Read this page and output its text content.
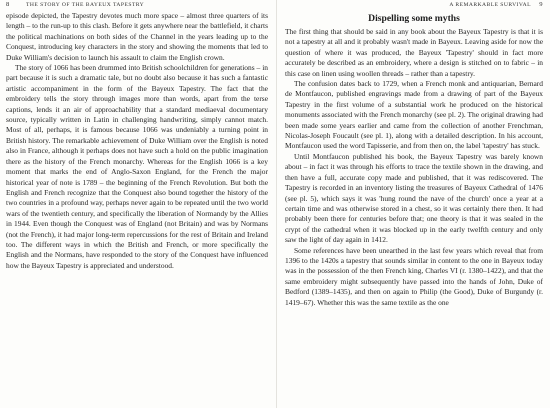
8	THE STORY OF THE BAYEUX TAPESTRY

episode depicted, the Tapestry devotes much more space – almost three quarters of its length – to the run-up to this clash. Before it gets anywhere near the battlefield, it charts the political machinations on both sides of the Channel in the years leading up to the Conquest, introducing key characters in the story and showing the moments that led to Duke William's decision to launch his assault to claim the English crown.

The story of 1066 has been drummed into British schoolchildren for generations – in part because it is such a dramatic tale, but no doubt also because it has such a fantastic artistic accompaniment in the form of the Bayeux Tapestry. The fact that the embroidery tells the story through images more than words, apart from the terse captions, lends it an air of approachability that a standard mediaeval documentary source, typically written in Latin in challenging handwriting, simply cannot match. Most of all, perhaps, it is famous because 1066 was undeniably a turning point in British history. The remarkable achievement of Duke William over the English is noted also in France, although it perhaps does not have such a hold on the public imagination there as the history of the French monarchy. Whereas for the English 1066 is a key moment that marks the end of Anglo-Saxon England, for the French the major historical year of note is 1789 – the beginning of the French Revolution. But both the English and French recognize that the Conquest also bound together the history of the two countries in a profound way, perhaps never again to be repeated until the two world wars of the twentieth century, and specifically the liberation of Normandy by the Allies in 1944. Even though the Conquest was of England (not Britain) and was by Normans (not the French), it had major long-term repercussions for the rest of Britain and Ireland too. The different ways in which the British and French, or more specifically the English and the Normans, have responded to the story of the Conquest have influenced how the Bayeux Tapestry is appreciated and understood.

A REMARKABLE SURVIVAL 9
Dispelling some myths

The first thing that should be said in any book about the Bayeux Tapestry is that it is not a tapestry at all and it probably wasn't made in Bayeux. Leaving aside for now the question of where it was produced, the Bayeux 'Tapestry' should in fact more accurately be described as an embroidery, where a design is stitched on to fabric – in this case on linen using woollen threads – rather than a tapestry.

The confusion dates back to 1729, when a French monk and antiquarian, Bernard de Montfaucon, published engravings made from a drawing of part of the Bayeux Tapestry in the first volume of a substantial work he produced on the historical monuments associated with the French monarchy (see pl. 2). The original drawing had been made some years earlier and came from the collection of another Frenchman, Nicolas-Joseph Foucault (see pl. 1), along with a detailed description. In his account, Montfaucon used the word Tapisserie, and from then on, the label 'tapestry' has stuck.

Until Montfaucon published his book, the Bayeux Tapestry was barely known about – in fact it was through his efforts to trace the textile shown in the drawing, and then have a full, accurate copy made and published, that it was rediscovered. The Tapestry is recorded in an inventory listing the treasures of Bayeux Cathedral of 1476 (see pl. 5), which says it was 'hung round the nave of the church' once a year at a certain time and was otherwise stored in a chest, so it was certainly there then. It had probably been there for centuries before that; one theory is that it was sealed in the crypt of the cathedral when it was blocked up in the early twelfth century and only saw the light of day again in 1412.

Some references have been unearthed in the last few years which reveal that from 1396 to the 1420s a tapestry that sounds similar in content to the one in Bayeux today was in the possession of the then French king, Charles VI (r. 1380–1422), and that the same embroidery might subsequently have passed into the hands of John, Duke of Bedford (1389–1435), and then on again to Philip (the Good), Duke of Burgundy (r. 1419–67). Whether this was the same textile as the one
